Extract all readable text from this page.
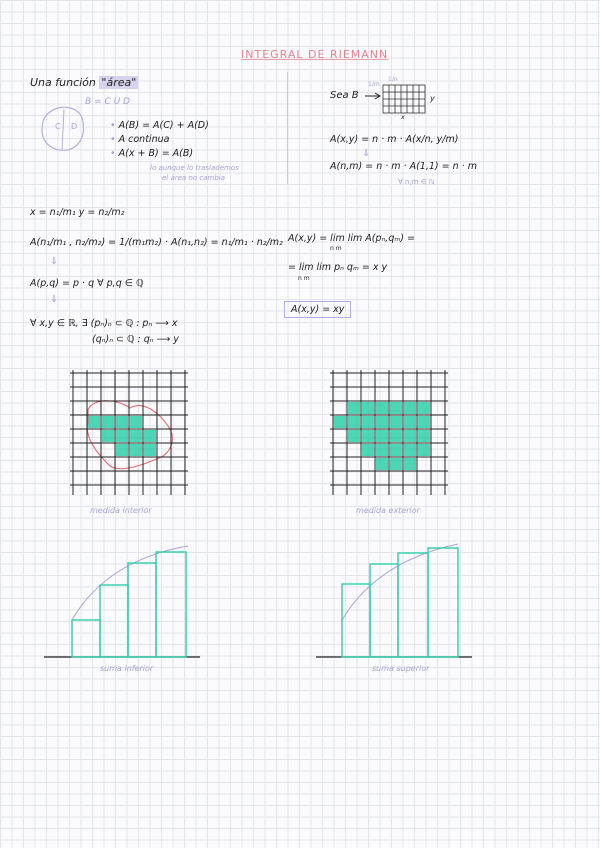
INTEGRAL DE RIEMANN
Una función "área"
B = C U D
C D	• A(B) = A(C) + A(D)
• A continua
• A(x + B) = A(B)
lo aunque lo traslademos
el área no cambia
Sea B
1/n
1/m
y
x
A(x,y) = n · m · A(x/n, y/m)
⇓
A(n,m) = n · m · A(1,1) = n · m
∀ n,m ∈ ℕ
x = n₁/m₁ y = n₂/m₂
A(n₁/m₁ , n₂/m₂) = 1/(m₁m₂) · A(n₁,n₂) = n₁/m₁ · n₂/m₂
⇓
A(p,q) = p · q ∀ p,q ∈ ℚ
⇓
∀ x,y ∈ ℝ, ∃ (pₙ)ₙ ⊂ ℚ : pₙ ⟶ x
(qₙ)ₙ ⊂ ℚ : qₙ ⟶ y
A(x,y) = lim lim A(pₙ,qₘ) =
n m
= lim lim pₙ qₘ = x y
n m
A(x,y) = xy
medida interior	medida exterior
suma inferior	suma superior
